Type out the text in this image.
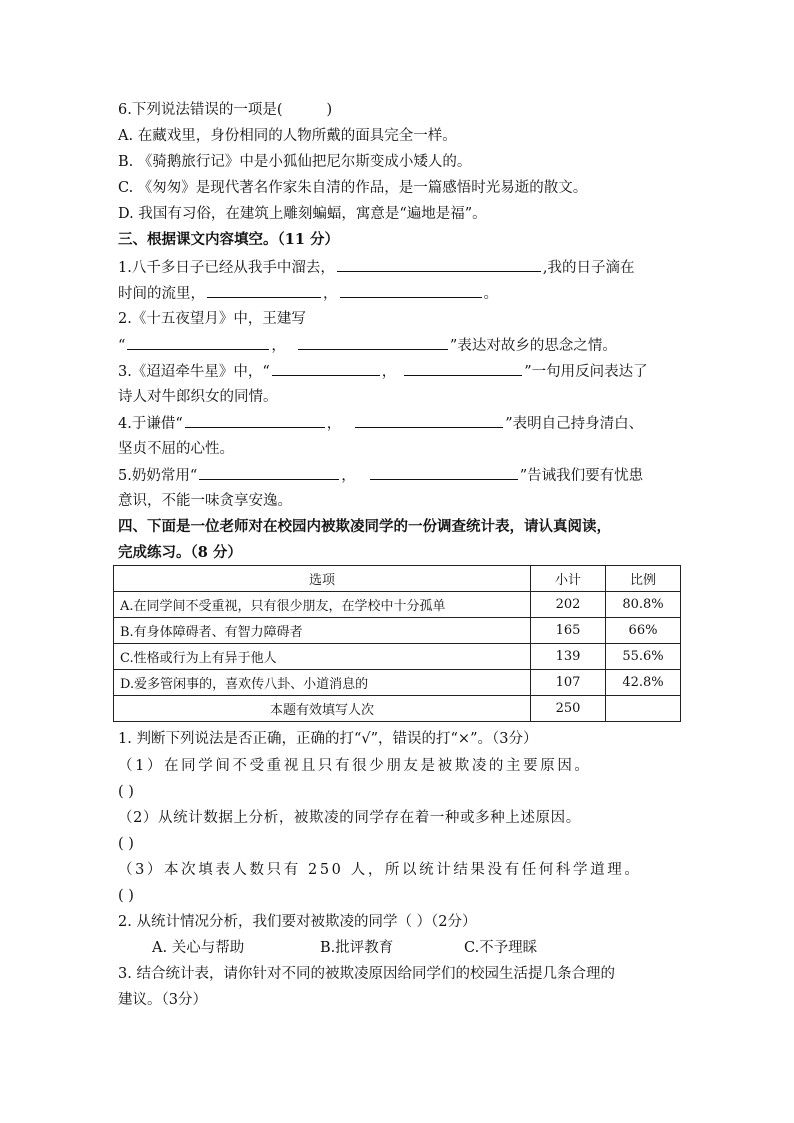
6.下列说法错误的一项是(	)
A. 在藏戏里，身份相同的人物所戴的面具完全一样。
B. 《骑鹅旅行记》中是小狐仙把尼尔斯变成小矮人的。
C. 《匆匆》是现代著名作家朱自清的作品，是一篇感悟时光易逝的散文。
D. 我国有习俗，在建筑上雕刻蝙蝠，寓意是“遍地是福”。
三、根据课文内容填空。（11 分）
1.八千多日子已经从我手中溜去，	,我的日子滴在
时间的流里，	，	。
2.《十五夜望月》中，王建写
“	，	”表达对故乡的思念之情。
3.《迢迢牵牛星》中，“	，	”一句用反问表达了
诗人对牛郎织女的同情。
4.于谦借“	，	”表明自己持身清白、
坚贞不屈的心性。
5.奶奶常用“	，	”告诫我们要有忧患
意识，不能一味贪享安逸。
四、下面是一位老师对在校园内被欺凌同学的一份调查统计表，请认真阅读，
完成练习。（8 分）
选项	小计	比例
A.在同学间不受重视，只有很少朋友，在学校中十分孤单	202	80.8%
B.有身体障碍者、有智力障碍者	165	66%
C.性格或行为上有异于他人	139	55.6%
D.爱多管闲事的，喜欢传八卦、小道消息的	107	42.8%
本题有效填写人次	250	
1. 判断下列说法是否正确，正确的打“√”，错误的打“×”。（3分）
（1）在同学间不受重视且只有很少朋友是被欺凌的主要原因。
( )
（2）从统计数据上分析，被欺凌的同学存在着一种或多种上述原因。
( )
（3）本次填表人数只有 250 人，所以统计结果没有任何科学道理。
( )
2. 从统计情况分析，我们要对被欺凌的同学（ ）（2分）
A. 关心与帮助	B.批评教育	C.不予理睬
3. 结合统计表，请你针对不同的被欺凌原因给同学们的校园生活提几条合理的
建议。（3分）
